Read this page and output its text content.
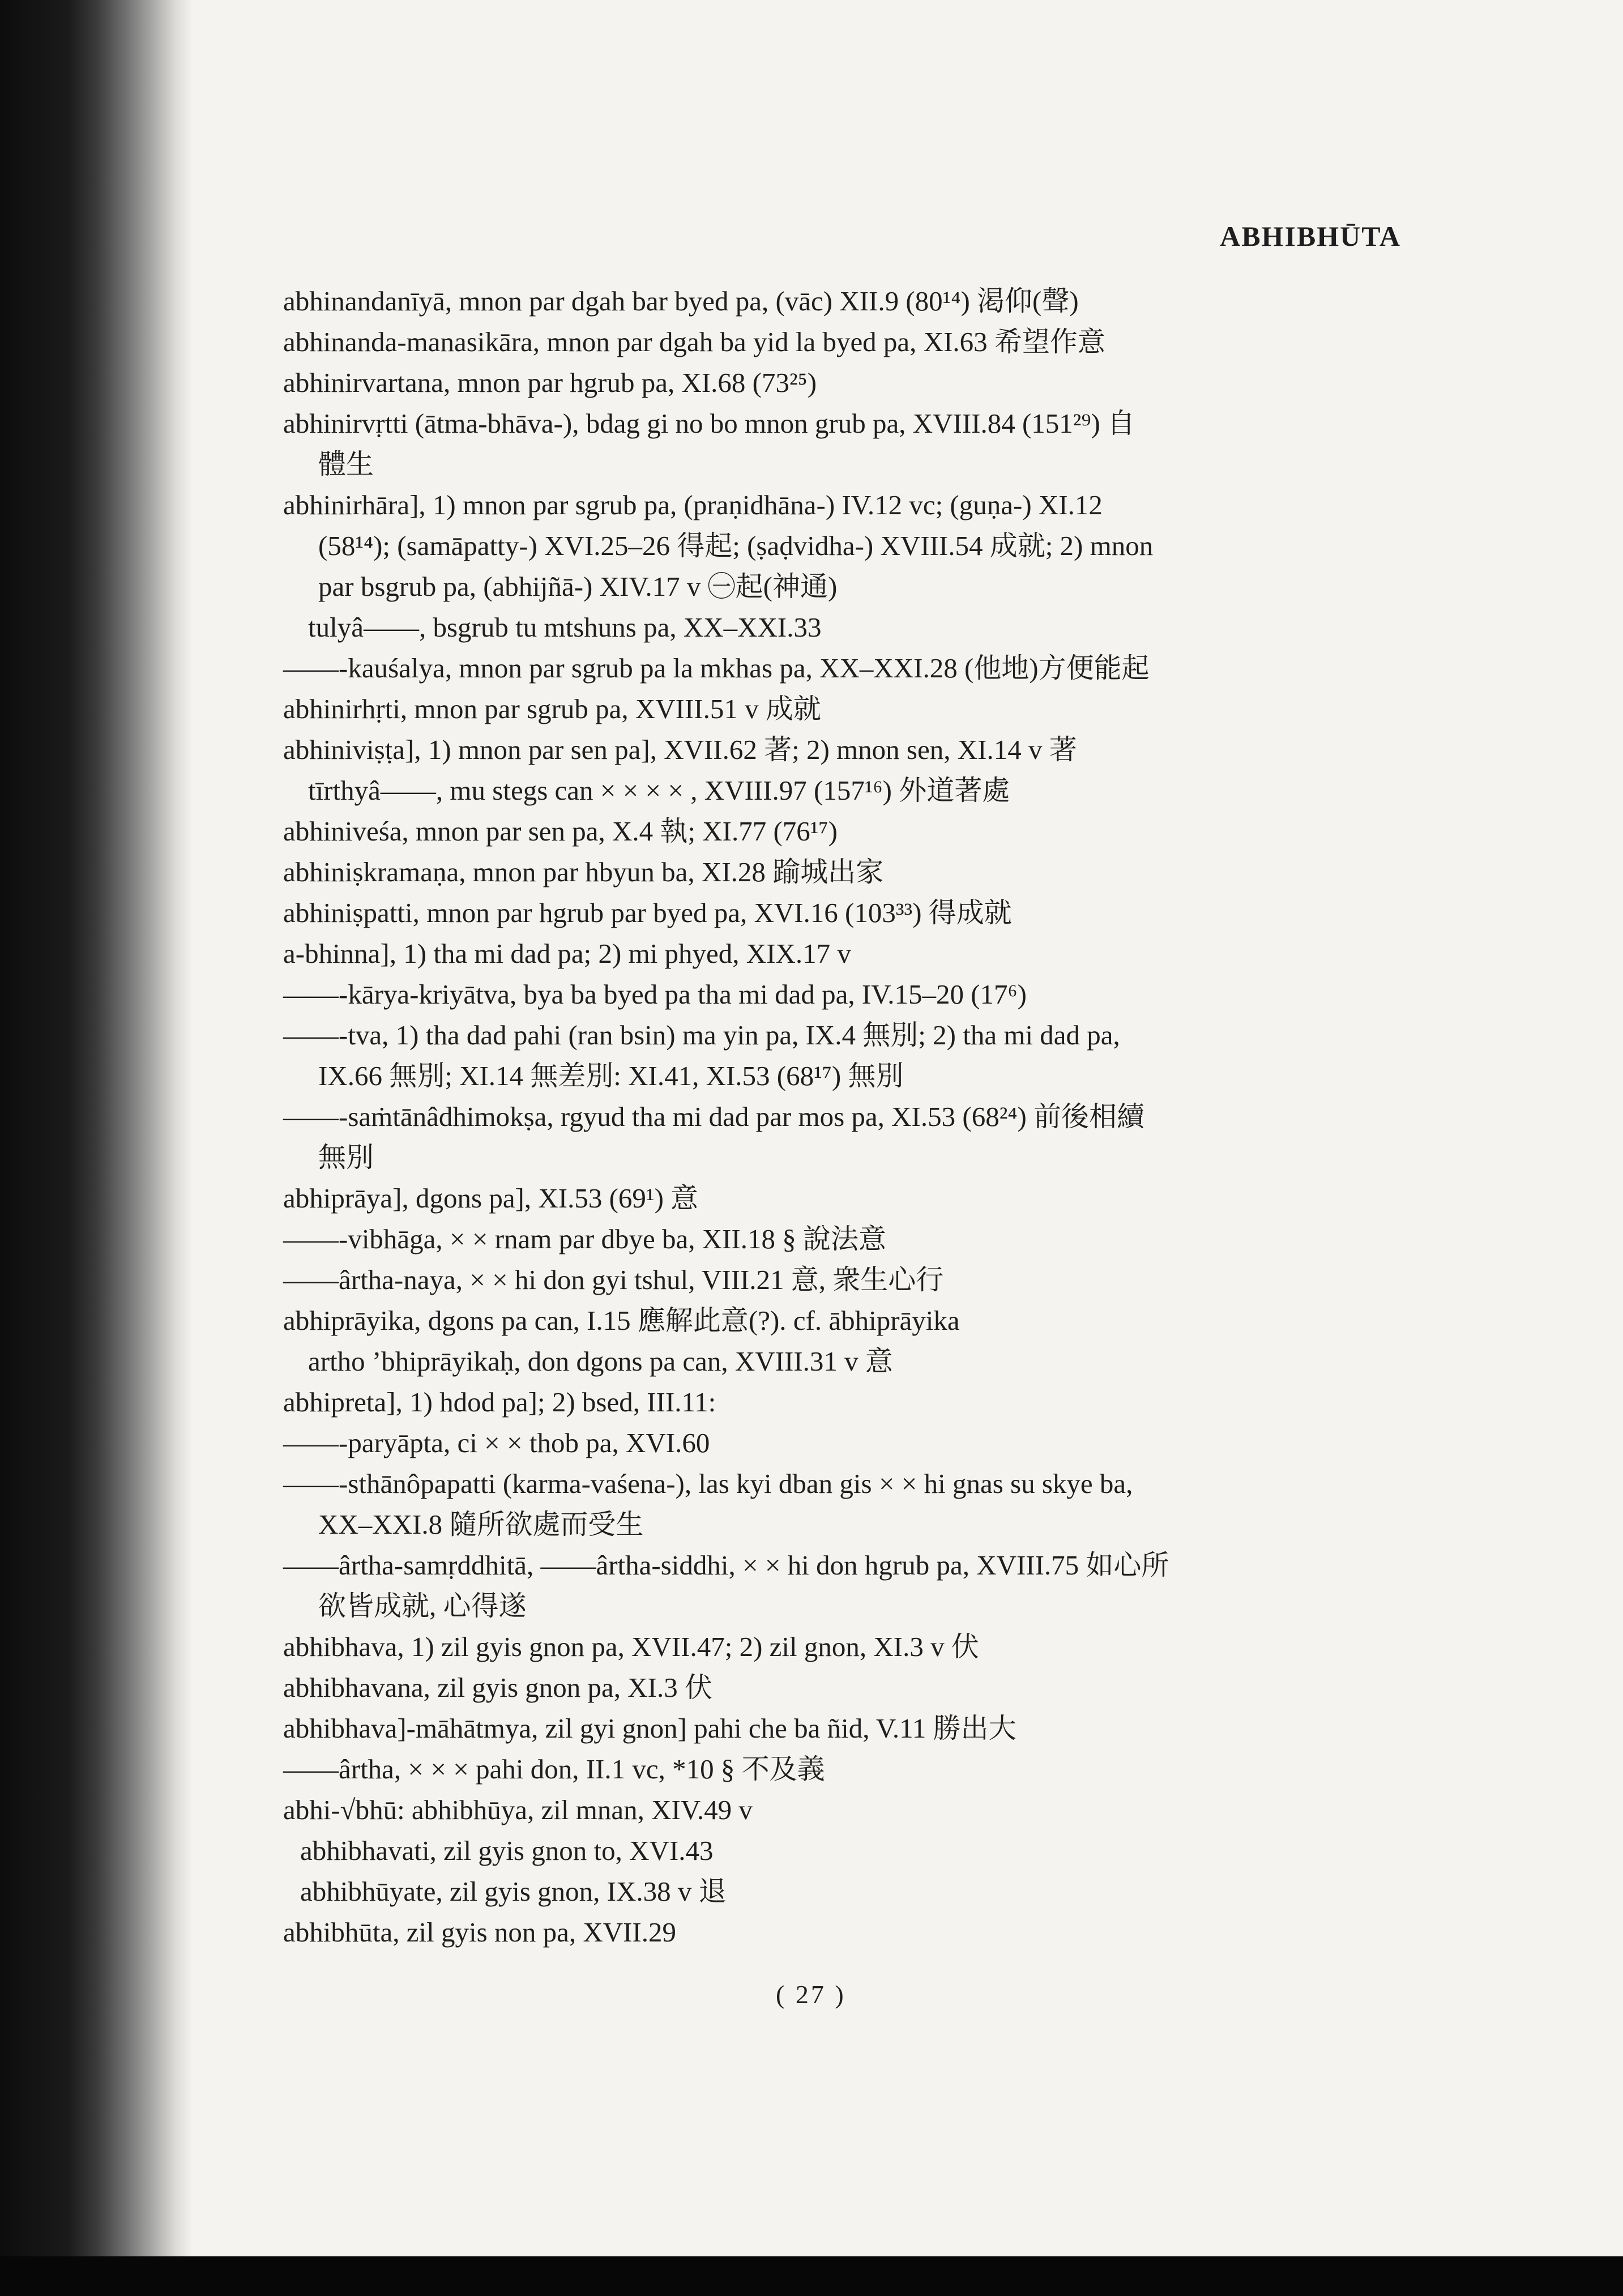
ABHIBHŪTA
abhinandanīyā, mnon par dgah bar byed pa, (vāc) XII.9 (80¹⁴) 渇仰(聲)
abhinanda-manasikāra, mnon par dgah ba yid la byed pa, XI.63 希望作意
abhinirvartana, mnon par hgrub pa, XI.68 (73²⁵)
abhinirvṛtti (ātma-bhāva-), bdag gi no bo mnon grub pa, XVIII.84 (151²⁹) 自
體生
abhinirhāra], 1) mnon par sgrub pa, (praṇidhāna-) IV.12 vc; (guṇa-) XI.12
(58¹⁴); (samāpatty-) XVI.25–26 得起; (ṣaḍvidha-) XVIII.54 成就; 2) mnon
par bsgrub pa, (abhijñā-) XIV.17 v ㊀起(神通)
tulyâ——, bsgrub tu mtshuns pa, XX–XXI.33
——-kauśalya, mnon par sgrub pa la mkhas pa, XX–XXI.28 (他地)方便能起
abhinirhṛti, mnon par sgrub pa, XVIII.51 v 成就
abhiniviṣṭa], 1) mnon par sen pa], XVII.62 著; 2) mnon sen, XI.14 v 著
tīrthyâ——, mu stegs can × × × × , XVIII.97 (157¹⁶) 外道著處
abhiniveśa, mnon par sen pa, X.4 執; XI.77 (76¹⁷)
abhiniṣkramaṇa, mnon par hbyun ba, XI.28 踰城出家
abhiniṣpatti, mnon par hgrub par byed pa, XVI.16 (103³³) 得成就
a-bhinna], 1) tha mi dad pa; 2) mi phyed, XIX.17 v
——-kārya-kriyātva, bya ba byed pa tha mi dad pa, IV.15–20 (17⁶)
——-tva, 1) tha dad pahi (ran bsin) ma yin pa, IX.4 無別; 2) tha mi dad pa,
IX.66 無別; XI.14 無差別: XI.41, XI.53 (68¹⁷) 無別
——-saṁtānâdhimokṣa, rgyud tha mi dad par mos pa, XI.53 (68²⁴) 前後相續
無別
abhiprāya], dgons pa], XI.53 (69¹) 意
——-vibhāga, × × rnam par dbye ba, XII.18 § 說法意
——ârtha-naya, × × hi don gyi tshul, VIII.21 意, 衆生心行
abhiprāyika, dgons pa can, I.15 應解此意(?). cf. ābhiprāyika
artho ’bhiprāyikaḥ, don dgons pa can, XVIII.31 v 意
abhipreta], 1) hdod pa]; 2) bsed, III.11:
——-paryāpta, ci × × thob pa, XVI.60
——-sthānôpapatti (karma-vaśena-), las kyi dban gis × × hi gnas su skye ba,
XX–XXI.8 隨所欲處而受生
——ârtha-samṛddhitā, ——ârtha-siddhi, × × hi don hgrub pa, XVIII.75 如心所
欲皆成就, 心得遂
abhibhava, 1) zil gyis gnon pa, XVII.47; 2) zil gnon, XI.3 v 伏
abhibhavana, zil gyis gnon pa, XI.3 伏
abhibhava]-māhātmya, zil gyi gnon] pahi che ba ñid, V.11 勝出大
——ârtha, × × × pahi don, II.1 vc, *10 § 不及義
abhi-√bhū: abhibhūya, zil mnan, XIV.49 v
abhibhavati, zil gyis gnon to, XVI.43
abhibhūyate, zil gyis gnon, IX.38 v 退
abhibhūta, zil gyis non pa, XVII.29
( 27 )
